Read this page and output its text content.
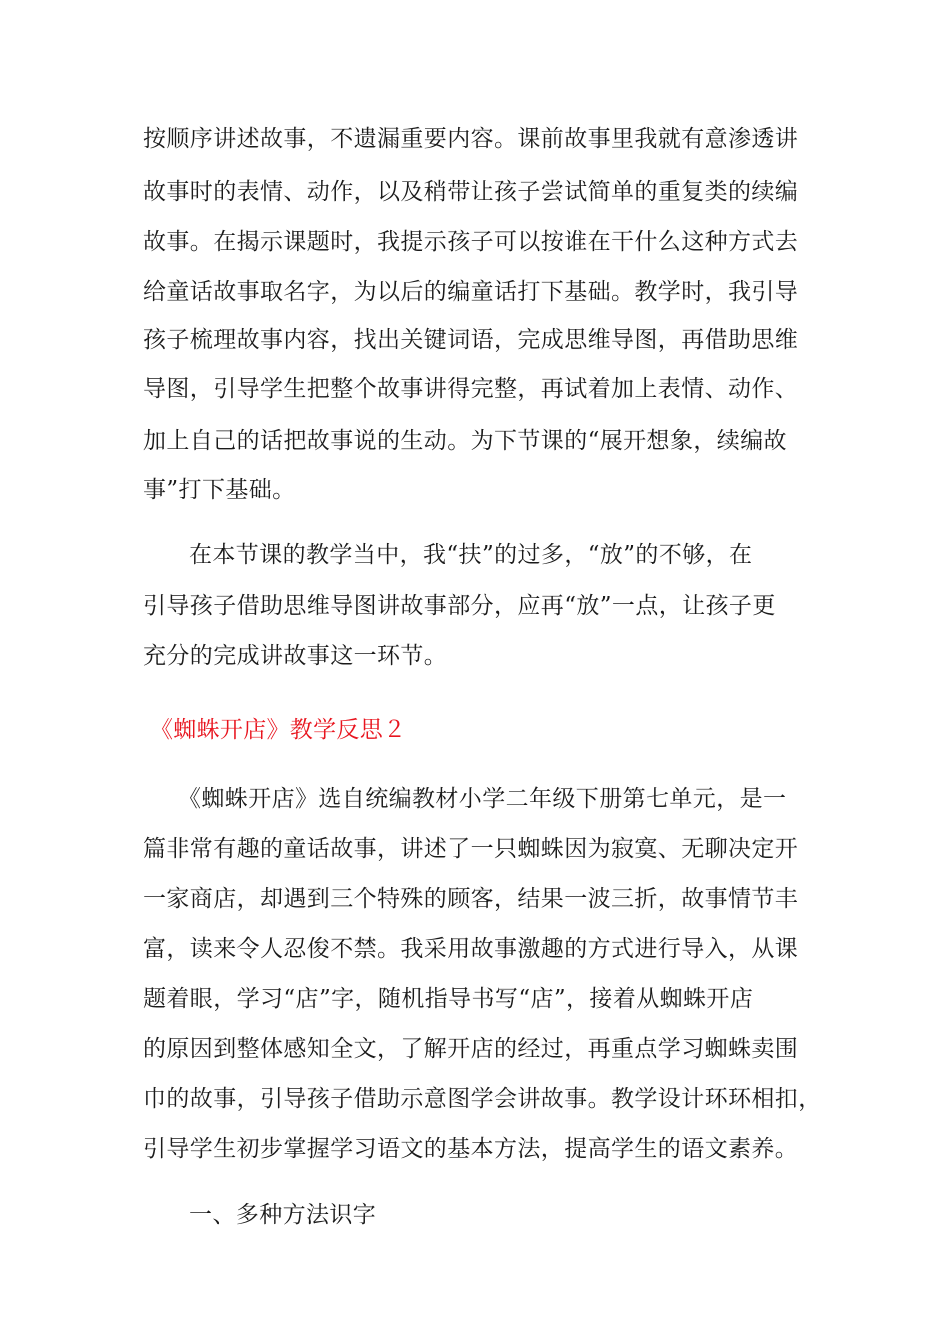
按顺序讲述故事，不遗漏重要内容。课前故事里我就有意渗透讲
故事时的表情、动作，以及稍带让孩子尝试简单的重复类的续编
故事。在揭示课题时，我提示孩子可以按谁在干什么这种方式去
给童话故事取名字，为以后的编童话打下基础。教学时，我引导
孩子梳理故事内容，找出关键词语，完成思维导图，再借助思维
导图，引导学生把整个故事讲得完整，再试着加上表情、动作、
加上自己的话把故事说的生动。为下节课的“展开想象，续编故
事”打下基础。
在本节课的教学当中，我“扶”的过多，“放”的不够，在
引导孩子借助思维导图讲故事部分，应再“放”一点，让孩子更
充分的完成讲故事这一环节。
《蜘蛛开店》教学反思２
《蜘蛛开店》选自统编教材小学二年级下册第七单元，是一
篇非常有趣的童话故事，讲述了一只蜘蛛因为寂寞、无聊决定开
一家商店，却遇到三个特殊的顾客，结果一波三折，故事情节丰
富，读来令人忍俊不禁。我采用故事激趣的方式进行导入，从课
题着眼，学习“店”字，随机指导书写“店”，接着从蜘蛛开店
的原因到整体感知全文，了解开店的经过，再重点学习蜘蛛卖围
巾的故事，引导孩子借助示意图学会讲故事。教学设计环环相扣，
引导学生初步掌握学习语文的基本方法，提高学生的语文素养。
一、多种方法识字
